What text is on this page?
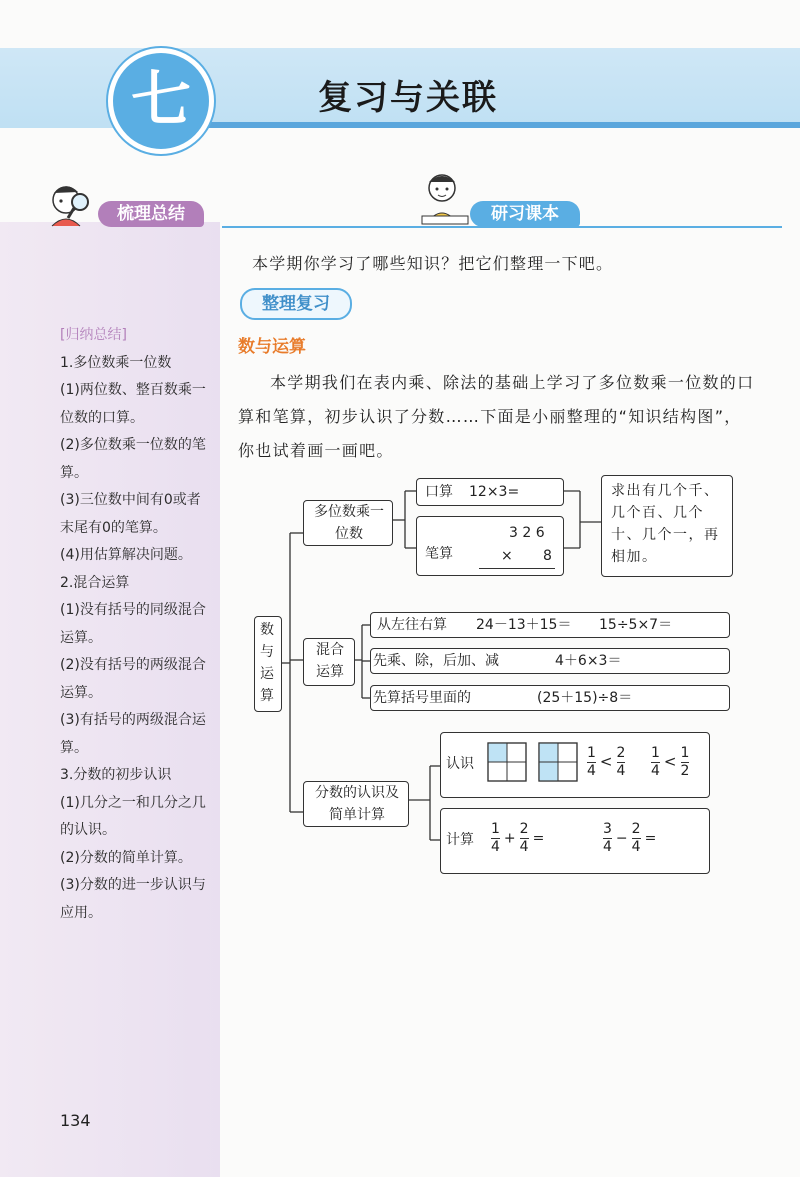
七	复习与关联
梳理总结
[归纳总结]
1.多位数乘一位数
(1)两位数、整百数乘一位数的口算。
(2)多位数乘一位数的笔算。
(3)三位数中间有0或者末尾有0的笔算。
(4)用估算解决问题。
2.混合运算
(1)没有括号的同级混合运算。
(2)没有括号的两级混合运算。
(3)有括号的两级混合运算。
3.分数的初步认识
(1)几分之一和几分之几的认识。
(2)分数的简单计算。
(3)分数的进一步认识与应用。
研习课本
本学期你学习了哪些知识？把它们整理一下吧。
整理复习
数与运算
本学期我们在表内乘、除法的基础上学习了多位数乘一位数的口算和笔算，初步认识了分数……下面是小丽整理的“知识结构图”，你也试着画一画吧。
数与运算
多位数乘一位数
口算 12×3=
笔算
3 2 6
× 8
求出有几个千、几个百、几个十、几个一，再相加。
混合运算
从左往右算 24－13＋15＝ 15÷5×7＝
先乘、除，后加、减	4＋6×3＝
先算括号里面的	(25＋15)÷8＝
分数的认识及简单计算
认识	$\frac{1}{4} < \frac{2}{4} \frac{1}{4} < \frac{1}{2}$
计算 $\frac{1}{4} + \frac{2}{4}$ =	$\frac{3}{4} - \frac{2}{4}$ =
134
